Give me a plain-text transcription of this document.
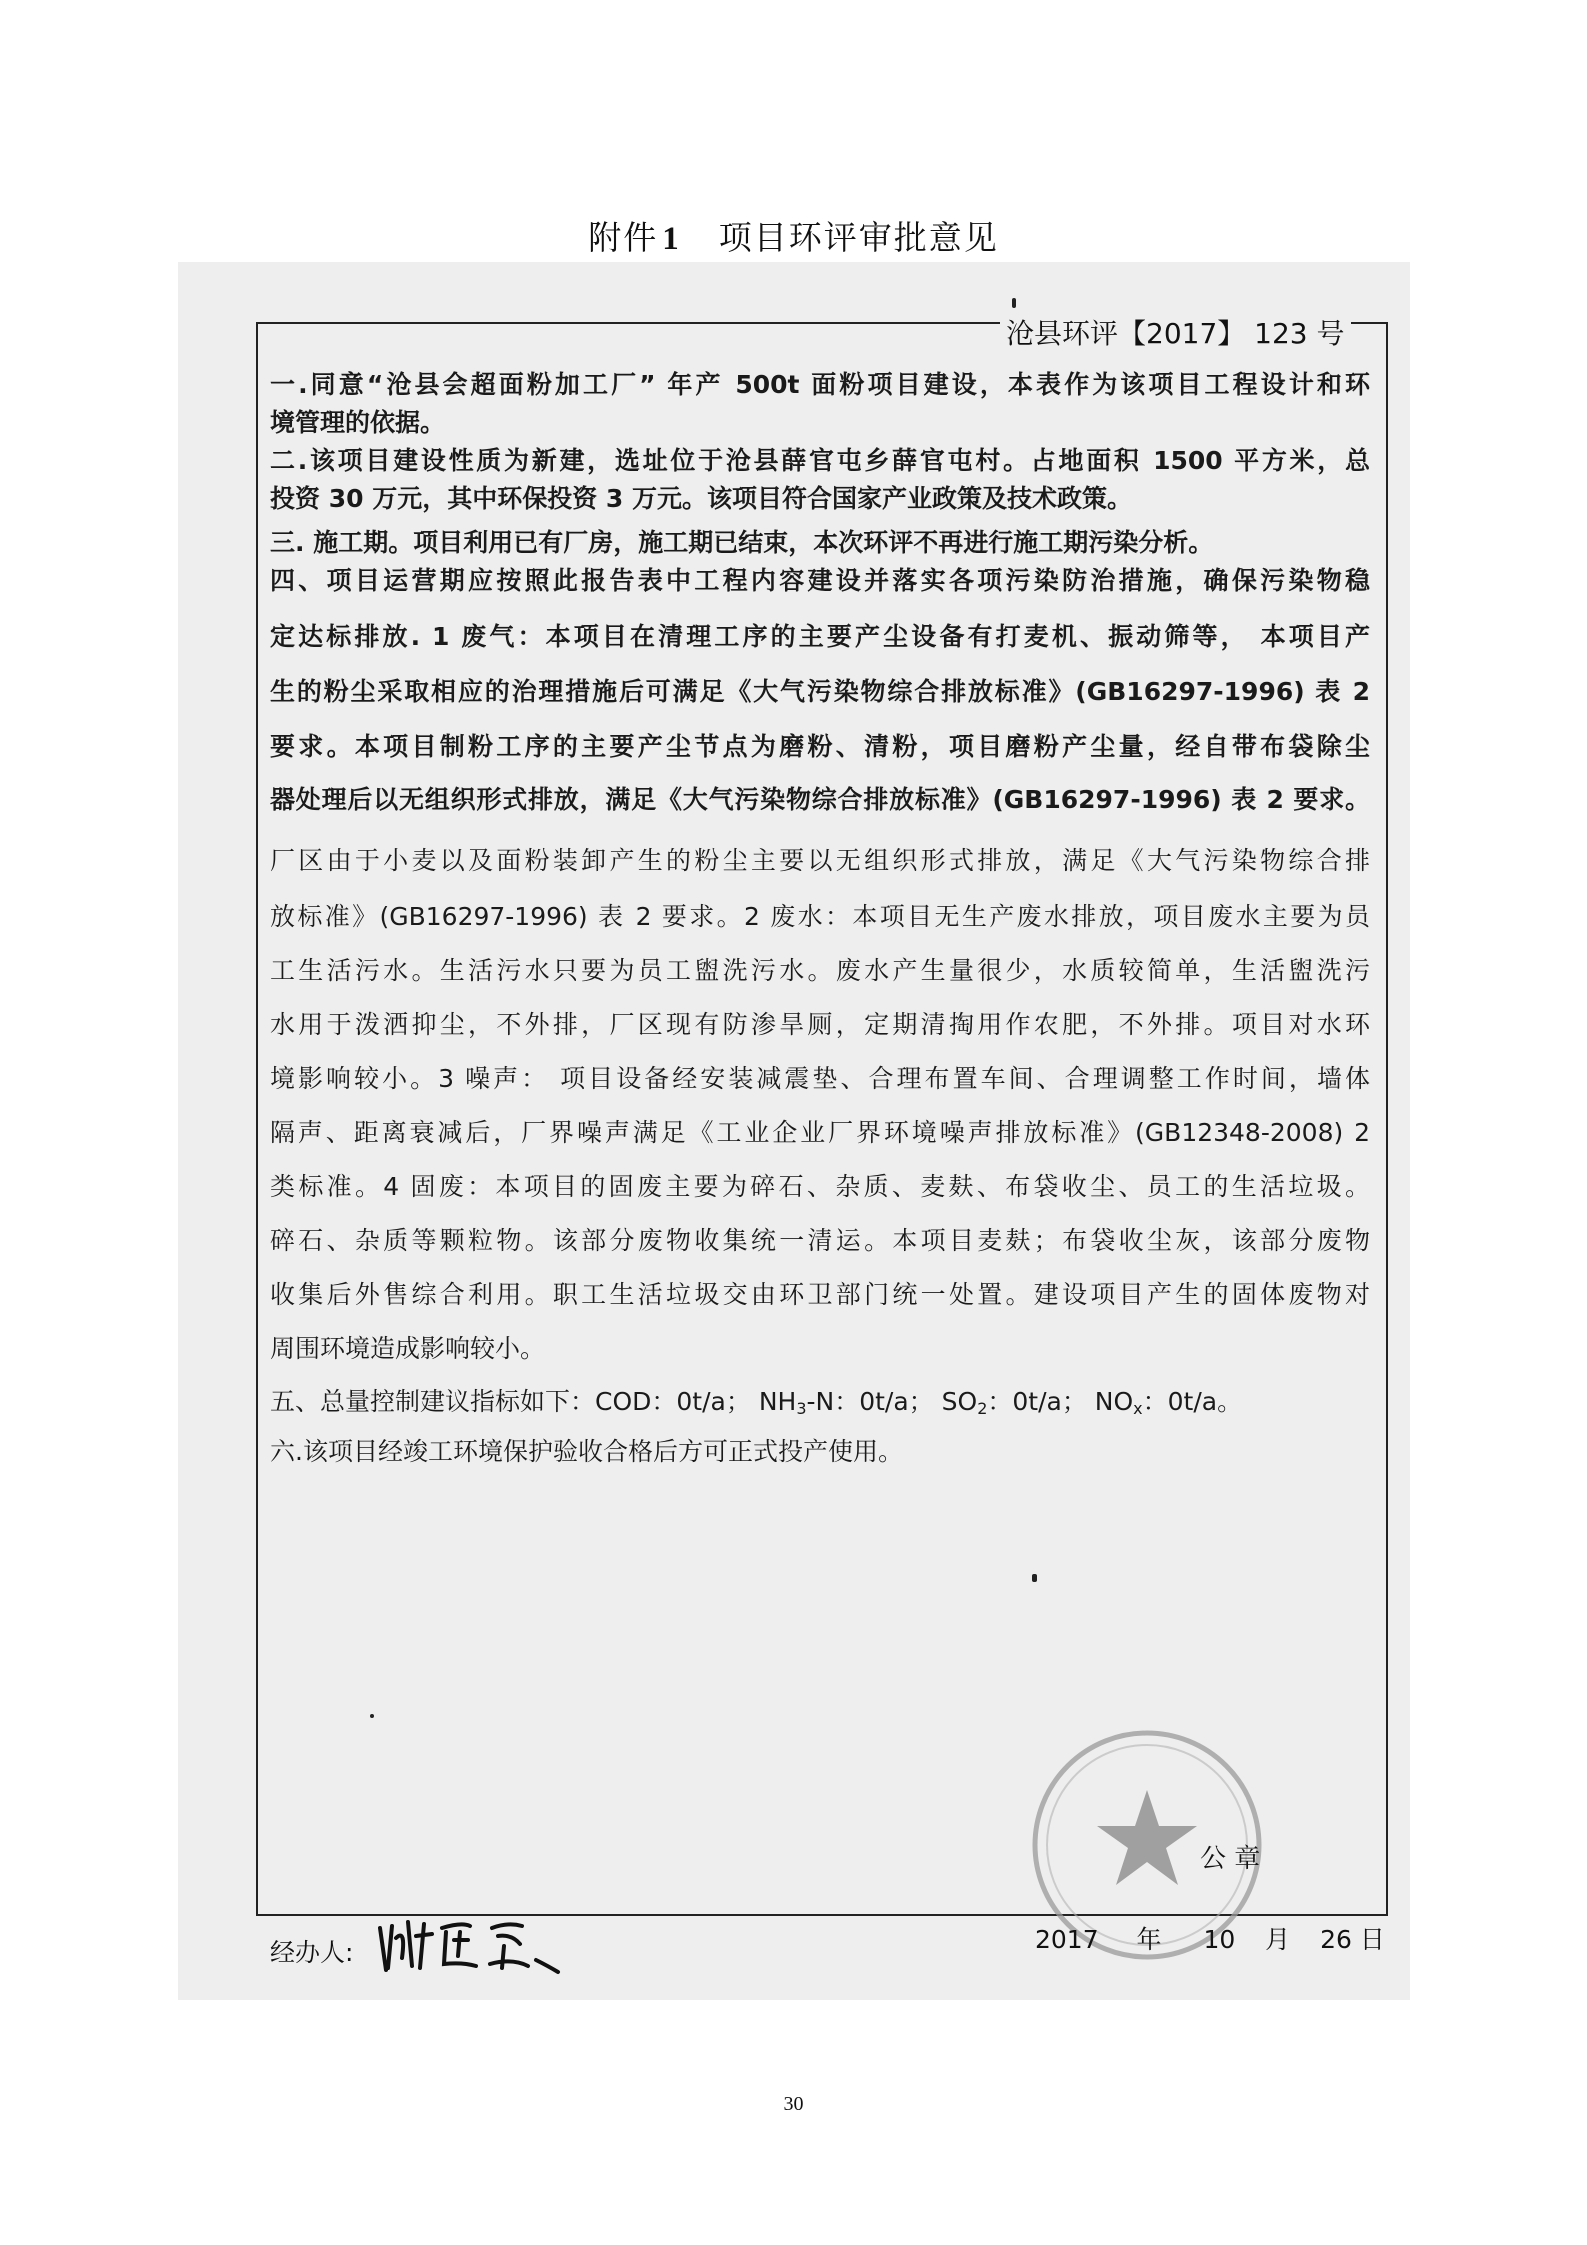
附件 1 项目环评审批意见
沧县环评【2017】 123 号
一.同意“沧县会超面粉加工厂” 年产 500t 面粉项目建设，本表作为该项目工程设计和环
境管理的依据。
二.该项目建设性质为新建，选址位于沧县薛官屯乡薛官屯村。占地面积 1500 平方米，总
投资 30 万元，其中环保投资 3 万元。该项目符合国家产业政策及技术政策。
三. 施工期。项目利用已有厂房，施工期已结束，本次环评不再进行施工期污染分析。
四、项目运营期应按照此报告表中工程内容建设并落实各项污染防治措施，确保污染物稳
定达标排放. 1 废气：本项目在清理工序的主要产尘设备有打麦机、振动筛等， 本项目产
生的粉尘采取相应的治理措施后可满足《大气污染物综合排放标准》(GB16297-1996) 表 2
要求。本项目制粉工序的主要产尘节点为磨粉、清粉，项目磨粉产尘量，经自带布袋除尘
器处理后以无组织形式排放，满足《大气污染物综合排放标准》(GB16297-1996) 表 2 要求。
厂区由于小麦以及面粉装卸产生的粉尘主要以无组织形式排放，满足《大气污染物综合排
放标准》(GB16297-1996) 表 2 要求。2 废水：本项目无生产废水排放，项目废水主要为员
工生活污水。生活污水只要为员工盥洗污水。废水产生量很少，水质较简单，生活盥洗污
水用于泼洒抑尘，不外排，厂区现有防渗旱厕，定期清掏用作农肥，不外排。项目对水环
境影响较小。3 噪声： 项目设备经安装减震垫、合理布置车间、合理调整工作时间，墙体
隔声、距离衰减后，厂界噪声满足《工业企业厂界环境噪声排放标准》(GB12348-2008) 2
类标准。4 固废：本项目的固废主要为碎石、杂质、麦麸、布袋收尘、员工的生活垃圾。
碎石、杂质等颗粒物。该部分废物收集统一清运。本项目麦麸；布袋收尘灰，该部分废物
收集后外售综合利用。职工生活垃圾交由环卫部门统一处置。建设项目产生的固体废物对
周围环境造成影响较小。
五、总量控制建议指标如下：COD：0t/a； $NH_3-N$：0t/a； $SO_2$：0t/a； $NO_x$：0t/a。
六.该项目经竣工环境保护验收合格后方可正式投产使用。
公 章
经办人:	2017 年 10 月 26 日
30
